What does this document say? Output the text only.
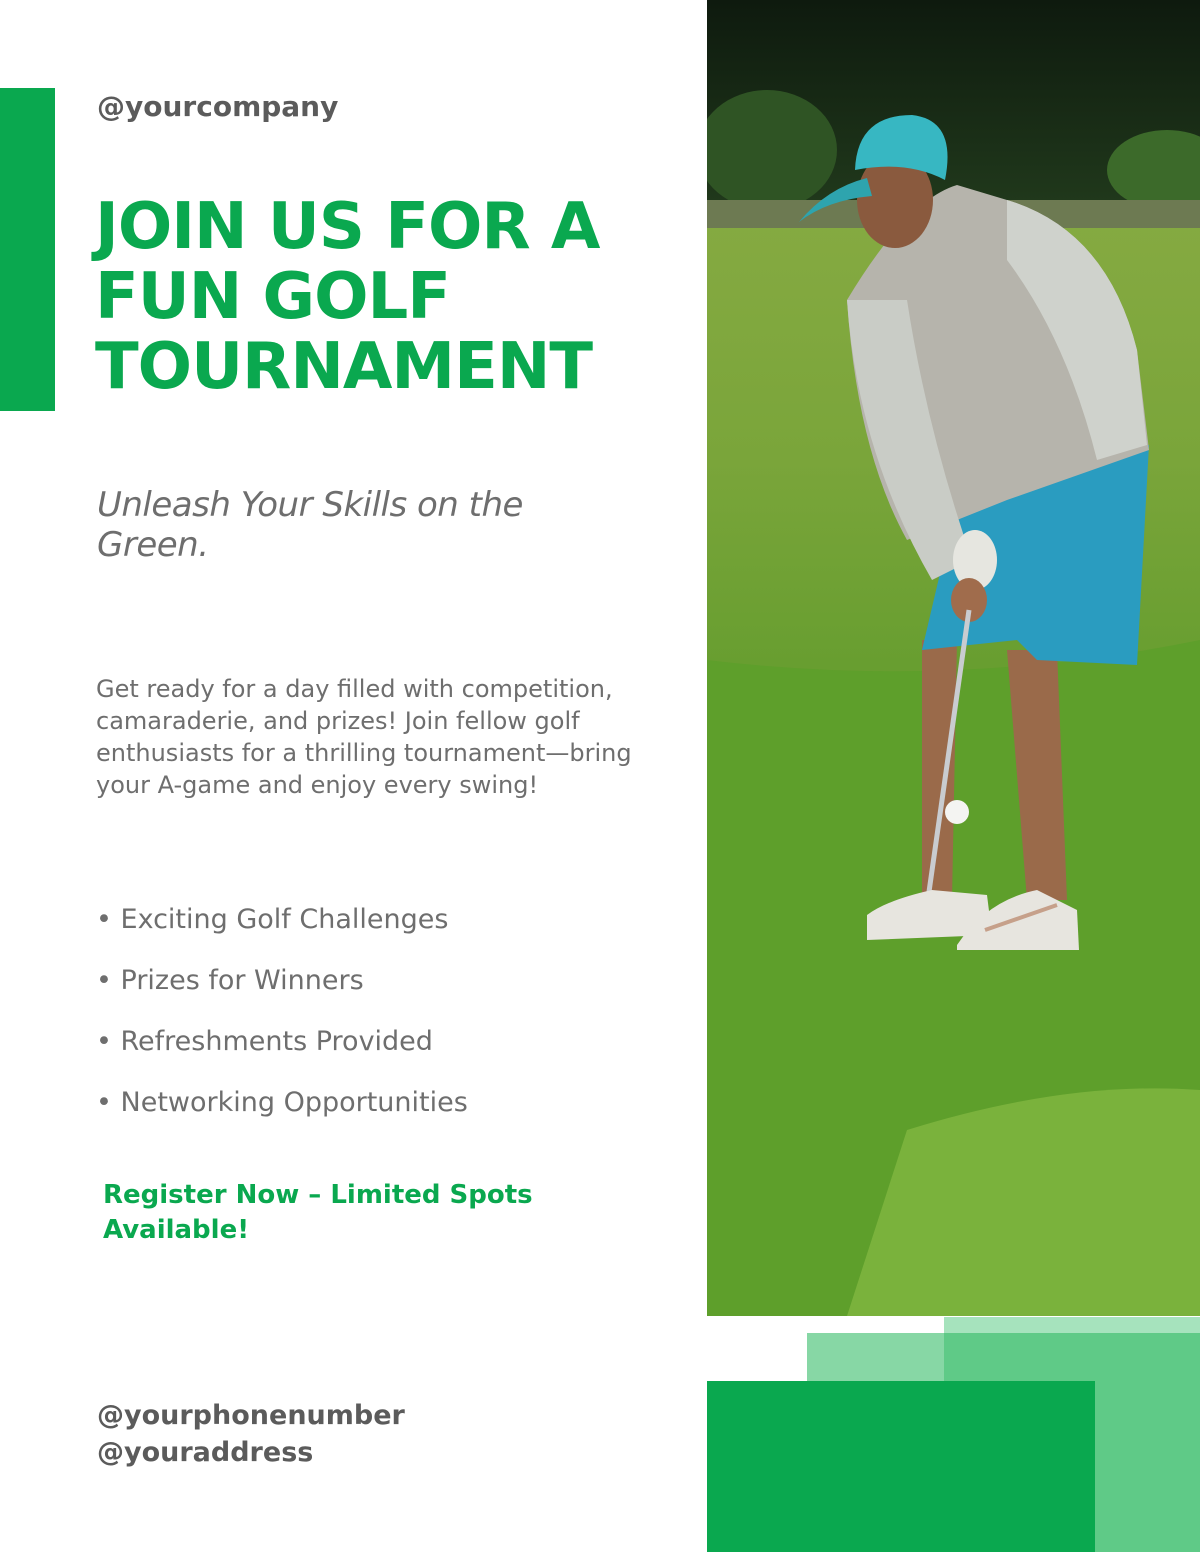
@yourcompany

JOIN US FOR A
FUN GOLF
TOURNAMENT

Unleash Your Skills on the Green.

Get ready for a day filled with competition, camaraderie, and prizes! Join fellow golf enthusiasts for a thrilling tournament—bring your A-game and enjoy every swing!

• Exciting Golf Challenges
• Prizes for Winners
• Refreshments Provided
• Networking Opportunities

Register Now – Limited Spots Available!

@yourphonenumber
@youraddress
